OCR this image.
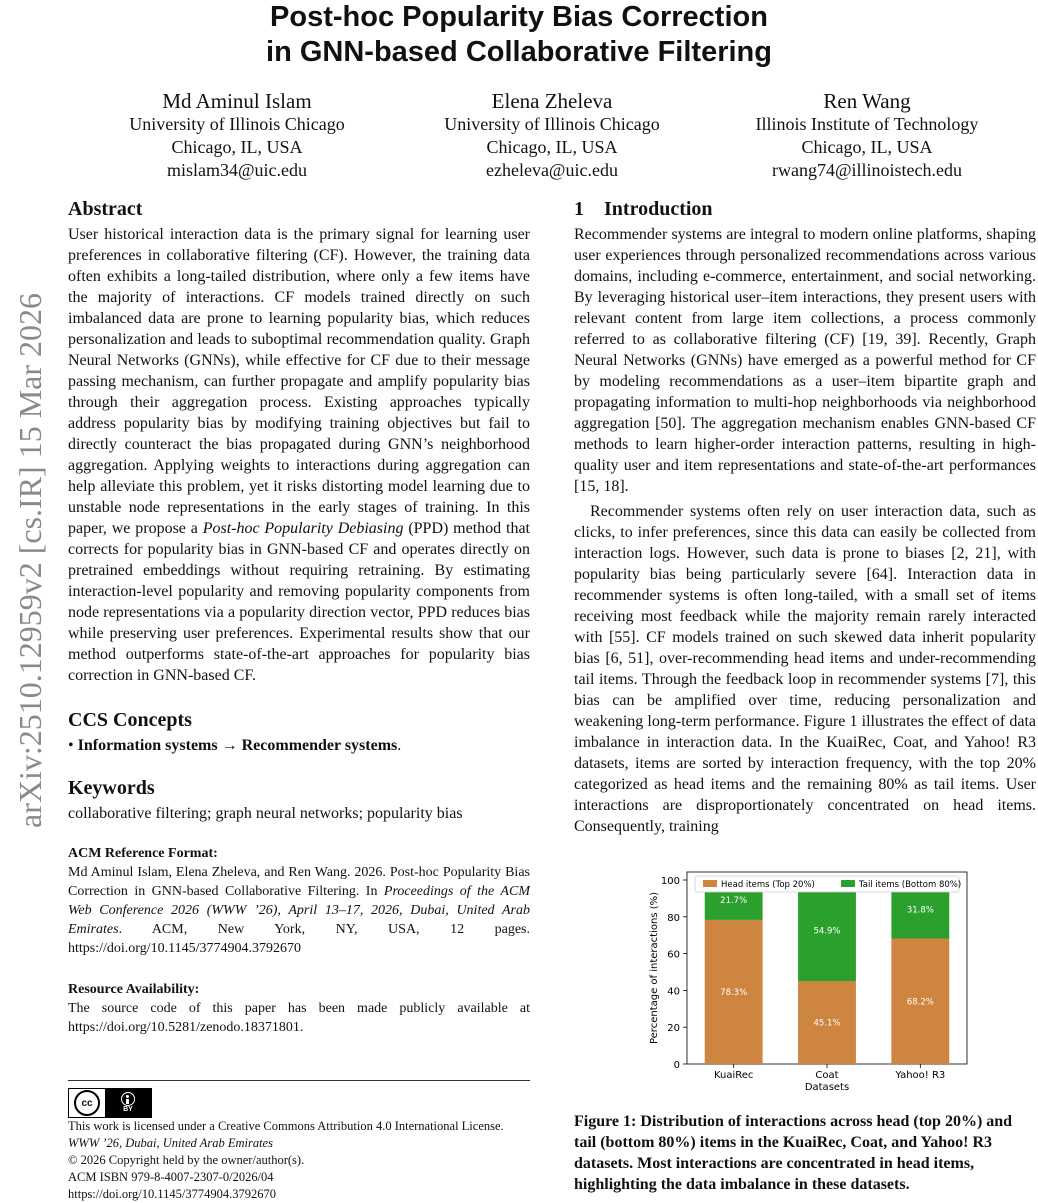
Post-hoc Popularity Bias Correction
in GNN-based Collaborative Filtering
Md Aminul Islam
University of Illinois Chicago
Chicago, IL, USA
mislam34@uic.edu
Elena Zheleva
University of Illinois Chicago
Chicago, IL, USA
ezheleva@uic.edu
Ren Wang
Illinois Institute of Technology
Chicago, IL, USA
rwang74@illinoistech.edu
arXiv:2510.12959v2 [cs.IR] 15 Mar 2026
Abstract

User historical interaction data is the primary signal for learning user preferences in collaborative filtering (CF). However, the training data often exhibits a long-tailed distribution, where only a few items have the majority of interactions. CF models trained directly on such imbalanced data are prone to learning popularity bias, which reduces personalization and leads to suboptimal recommendation quality. Graph Neural Networks (GNNs), while effective for CF due to their message passing mechanism, can further propagate and amplify popularity bias through their aggregation process. Existing approaches typically address popularity bias by modifying training objectives but fail to directly counteract the bias propagated during GNN’s neighborhood aggregation. Applying weights to interactions during aggregation can help alleviate this problem, yet it risks distorting model learning due to unstable node representations in the early stages of training. In this paper, we propose a Post-hoc Popularity Debiasing (PPD) method that corrects for popularity bias in GNN-based CF and operates directly on pretrained embeddings without requiring retraining. By estimating interaction-level popularity and removing popularity components from node representations via a popularity direction vector, PPD reduces bias while preserving user preferences. Experimental results show that our method outperforms state-of-the-art approaches for popularity bias correction in GNN-based CF.

CCS Concepts

• Information systems → Recommender systems.

Keywords

collaborative filtering; graph neural networks; popularity bias

ACM Reference Format:
Md Aminul Islam, Elena Zheleva, and Ren Wang. 2026. Post-hoc Popularity Bias Correction in GNN-based Collaborative Filtering. In Proceedings of the ACM Web Conference 2026 (WWW ’26), April 13–17, 2026, Dubai, United Arab Emirates. ACM, New York, NY, USA, 12 pages. https://doi.org/10.1145/3774904.3792670
Resource Availability:
The source code of this paper has been made publicly available at https://doi.org/10.5281/zenodo.18371801.
cc
BY
This work is licensed under a Creative Commons Attribution 4.0 International License.
WWW ’26, Dubai, United Arab Emirates
© 2026 Copyright held by the owner/author(s).
ACM ISBN 979-8-4007-2307-0/2026/04
https://doi.org/10.1145/3774904.3792670
1    Introduction

Recommender systems are integral to modern online platforms, shaping user experiences through personalized recommendations across various domains, including e-commerce, entertainment, and social networking. By leveraging historical user–item interactions, they present users with relevant content from large item collections, a process commonly referred to as collaborative filtering (CF) [19, 39]. Recently, Graph Neural Networks (GNNs) have emerged as a powerful method for CF by modeling recommendations as a user–item bipartite graph and propagating information to multi-hop neighborhoods via neighborhood aggregation [50]. The aggregation mechanism enables GNN-based CF methods to learn higher-order interaction patterns, resulting in high-quality user and item representations and state-of-the-art performances [15, 18].

Recommender systems often rely on user interaction data, such as clicks, to infer preferences, since this data can easily be collected from interaction logs. However, such data is prone to biases [2, 21], with popularity bias being particularly severe [64]. Interaction data in recommender systems is often long-tailed, with a small set of items receiving most feedback while the majority remain rarely interacted with [55]. CF models trained on such skewed data inherit popularity bias [6, 51], over-recommending head items and under-recommending tail items. Through the feedback loop in recommender systems [7], this bias can be amplified over time, reducing personalization and weakening long-term performance. Figure 1 illustrates the effect of data imbalance in interaction data. In the KuaiRec, Coat, and Yahoo! R3 datasets, items are sorted by interaction frequency, with the top 20% categorized as head items and the remaining 80% as tail items. User interactions are disproportionately concentrated on head items. Consequently, training

0
20
40
60
80
100
78.3%
21.7%
KuaiRec
45.1%
54.9%
Coat
68.2%
31.8%
Yahoo! R3
Datasets
Percentage of interactions (%)
Head items (Top 20%)	Tail items (Bottom 80%)
Figure 1: Distribution of interactions across head (top 20%) and tail (bottom 80%) items in the KuaiRec, Coat, and Yahoo! R3 datasets. Most interactions are concentrated in head items, highlighting the data imbalance in these datasets.
